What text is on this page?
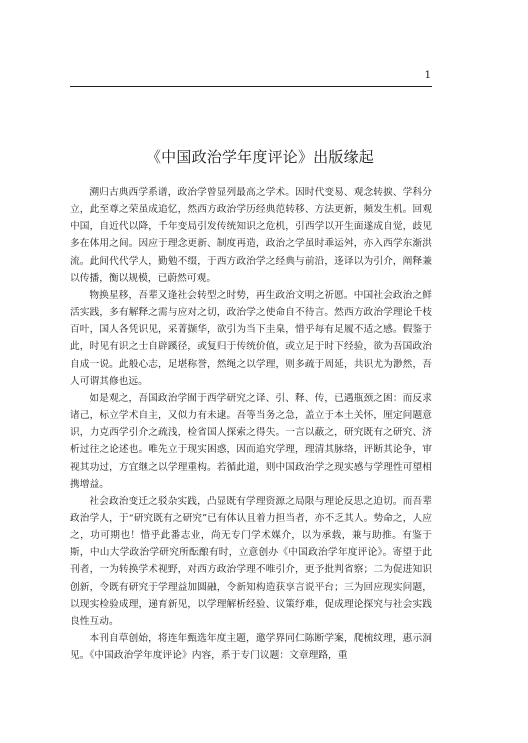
1
《中国政治学年度评论》出版缘起

溯归古典西学系谱，政治学曾显列最高之学术。因时代变易、观念转捩、学科分立，此至尊之荣虽成追忆，然西方政治学历经典范转移、方法更新，頻发生机。回观中国，自近代以降，千年变局引发传统知识之危机，引西学以开生面遂成自觉，歧见多在体用之间。因应于理念更新、制度再造，政治之学虽时乖运舛，亦入西学东渐洪流。此间代代学人，勤勉不缀，于西方政治学之经典与前沿，迻译以为引介，阐释兼以传播，衡以规模，已蔚然可观。

物换星移，吾辈又逢社会转型之时势，再生政治文明之祈愿。中国社会政治之鲜活实践，多有解释之需与应对之切，政治学之使命自不待言。然西方政治学理论千枝百叶，国人各凭识见，采菁撷华，欲引为当下圭臬，惜乎每有足履不适之感。假鉴于此，时见有识之士自辟蹊径，或复归于传统价值，或立足于时下经验，欲为吾国政治自成一说。此般心志，足堪称誉，然绳之以学理，则多疏于周延，共识尤为渺然，吾人可谓其修也远。

如是观之，吾国政治学囿于西学研究之译、引、释、传，已遇瓶颈之困：而反求诸己，标立学术自主，又似力有未逮。吾等当务之急，盖立于本土关怀，厘定问题意识，力克西学引介之疏浅，检省国人探索之得失。一言以蔽之，研究既有之研究、济析过往之论述也。唯先立于现实困惑，因而追究学理，理清其脉络，评断其论争，审视其功过，方宜继之以学理重构。若循此道，则中国政治学之现实感与学理性可望相携增益。

社会政治变迁之驳杂实践，凸显既有学理资源之局限与理论反思之迫切。而吾辈政治学人，于“研究既有之研究”已有体认且着力担当者，亦不乏其人。势命之，人应之，功可期也！惜乎此番志业，尚无专门学术媒介，以为承载，兼与助推。有鉴于斯，中山大学政治学研究所酝酿有时，立意创办《中国政治学年度评论》。寄望于此刊者，一为转换学术视野，对西方政治学理不唯引介，更予批判省察；二为促进知识创新，令既有研究于学理益加圆融，令新知构造获享言说平台；三为回应现实问题，以现实检验成理，递育新见，以学理解析经验、议策纾难，促成理论探究与社会实践良性互动。

本刊自草创始，将连年甄选年度主题，邀学界同仁陈断学案，爬梳纹理，惠示洞见。《中国政治学年度评论》内容，系于专门议题：文章理路，重
